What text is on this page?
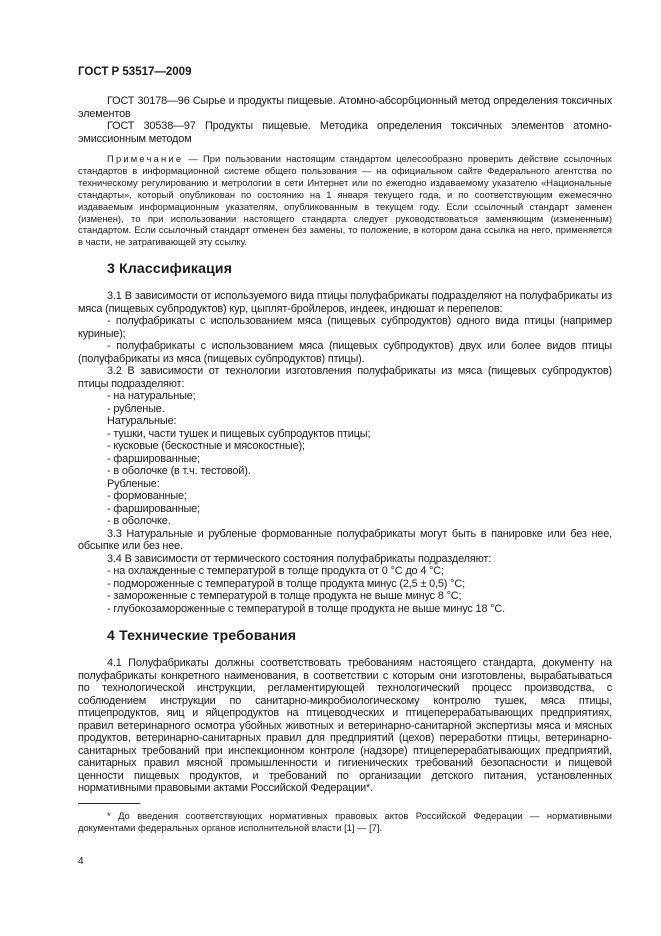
ГОСТ Р 53517—2009

ГОСТ 30178—96 Сырье и продукты пищевые. Атомно-абсорбционный метод определения токсичных элементов

ГОСТ 30538—97 Продукты пищевые. Методика определения токсичных элементов атомно-эмиссионным методом

Примечание — При пользовании настоящим стандартом целесообразно проверить действие ссылочных стандартов в информационной системе общего пользования — на официальном сайте Федерального агентства по техническому регулированию и метрологии в сети Интернет или по ежегодно издаваемому указателю «Национальные стандарты», который опубликован по состоянию на 1 января текущего года, и по соответствующим ежемесячно издаваемым информационным указателям, опубликованным в текущем году. Если ссылочный стандарт заменен (изменен), то при использовании настоящего стандарта следует руководствоваться заменяющим (измененным) стандартом. Если ссылочный стандарт отменен без замены, то положение, в котором дана ссылка на него, применяется в части, не затрагивающей эту ссылку.

3 Классификация

3.1 В зависимости от используемого вида птицы полуфабрикаты подразделяют на полуфабрикаты из мяса (пищевых субпродуктов) кур, цыплят-бройлеров, индеек, индюшат и перепелов:

- полуфабрикаты с использованием мяса (пищевых субпродуктов) одного вида птицы (например куриные);

- полуфабрикаты с использованием мяса (пищевых субпродуктов) двух или более видов птицы (полуфабрикаты из мяса (пищевых субпродуктов) птицы).

3.2 В зависимости от технологии изготовления полуфабрикаты из мяса (пищевых субпродуктов) птицы подразделяют:

- на натуральные;

- рубленые.

Натуральные:

- тушки, части тушек и пищевых субпродуктов птицы;

- кусковые (бескостные и мясокостные);

- фаршированные;

- в оболочке (в т.ч. тестовой).

Рубленые:

- формованные;

- фаршированные;

- в оболочке.

3.3 Натуральные и рубленые формованные полуфабрикаты могут быть в панировке или без нее, обсыпке или без нее.

3.4 В зависимости от термического состояния полуфабрикаты подразделяют:

- на охлажденные с температурой в толще продукта от 0 °С до 4 °С;

- подмороженные с температурой в толще продукта минус (2,5 ± 0,5) °С;

- замороженные с температурой в толще продукта не выше минус 8 °С;

- глубокозамороженные с температурой в толще продукта не выше минус 18 °С.

4 Технические требования

4.1 Полуфабрикаты должны соответствовать требованиям настоящего стандарта, документу на полуфабрикаты конкретного наименования, в соответствии с которым они изготовлены, вырабатываться по технологической инструкции, регламентирующей технологический процесс производства, с соблюдением инструкции по санитарно-микробиологическому контролю тушек, мяса птицы, птицепродуктов, яиц и яйцепродуктов на птицеводческих и птицеперерабатывающих предприятиях, правил ветеринарного осмотра убойных животных и ветеринарно-санитарной экспертизы мяса и мясных продуктов, ветеринарно-санитарных правил для предприятий (цехов) переработки птицы, ветеринарно-санитарных требований при инспекционном контроле (надзоре) птицеперерабатывающих предприятий, санитарных правил мясной промышленности и гигиенических требований безопасности и пищевой ценности пищевых продуктов, и требований по организации детского питания, установленных нормативными правовыми актами Российской Федерации*.

* До введения соответствующих нормативных правовых актов Российской Федерации — нормативными документами федеральных органов исполнительной власти [1] — [7].

4
